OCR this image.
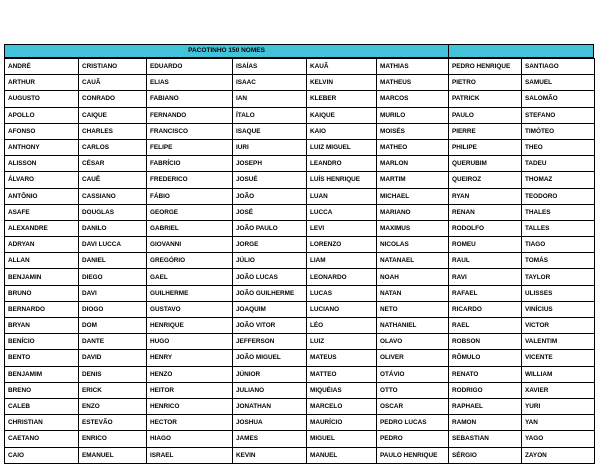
PACOTINHO 150 NOMES
ANDRÉ	CRISTIANO	EDUARDO	ISAÍAS	KAUÃ	MATHIAS	PEDRO HENRIQUE	SANTIAGO
ARTHUR	CAUÃ	ELIAS	ISAAC	KELVIN	MATHEUS	PIETRO	SAMUEL
AUGUSTO	CONRADO	FABIANO	IAN	KLEBER	MARCOS	PATRICK	SALOMÃO
APOLLO	CAIQUE	FERNANDO	ÍTALO	KAIQUE	MURILO	PAULO	STEFANO
AFONSO	CHARLES	FRANCISCO	ISAQUE	KAIO	MOISÉS	PIERRE	TIMÓTEO
ANTHONY	CARLOS	FELIPE	IURI	LUIZ MIGUEL	MATHEO	PHILIPE	THEO
ALISSON	CÉSAR	FABRÍCIO	JOSEPH	LEANDRO	MARLON	QUERUBIM	TADEU
ÁLVARO	CAUÊ	FREDERICO	JOSUÉ	LUÍS HENRIQUE	MARTIM	QUEIROZ	THOMAZ
ANTÔNIO	CASSIANO	FÁBIO	JOÃO	LUAN	MICHAEL	RYAN	TEODORO
ASAFE	DOUGLAS	GEORGE	JOSÉ	LUCCA	MARIANO	RENAN	THALES
ALEXANDRE	DANILO	GABRIEL	JOÃO PAULO	LEVI	MAXIMUS	RODOLFO	TALLES
ADRYAN	DAVI LUCCA	GIOVANNI	JORGE	LORENZO	NICOLAS	ROMEU	TIAGO
ALLAN	DANIEL	GREGÓRIO	JÚLIO	LIAM	NATANAEL	RAUL	TOMÁS
BENJAMIN	DIEGO	GAEL	JOÃO LUCAS	LEONARDO	NOAH	RAVI	TAYLOR
BRUNO	DAVI	GUILHERME	JOÃO GUILHERME	LUCAS	NATAN	RAFAEL	ULISSES
BERNARDO	DIOGO	GUSTAVO	JOAQUIM	LUCIANO	NETO	RICARDO	VINÍCIUS
BRYAN	DOM	HENRIQUE	JOÃO VITOR	LÉO	NATHANIEL	RAEL	VICTOR
BENÍCIO	DANTE	HUGO	JEFFERSON	LUIZ	OLAVO	ROBSON	VALENTIM
BENTO	DAVID	HENRY	JOÃO MIGUEL	MATEUS	OLIVER	RÔMULO	VICENTE
BENJAMIM	DENIS	HENZO	JÚNIOR	MATTEO	OTÁVIO	RENATO	WILLIAM
BRENO	ERICK	HEITOR	JULIANO	MIQUÉIAS	OTTO	RODRIGO	XAVIER
CALEB	ENZO	HENRICO	JONATHAN	MARCELO	OSCAR	RAPHAEL	YURI
CHRISTIAN	ESTEVÃO	HECTOR	JOSHUA	MAURÍCIO	PEDRO LUCAS	RAMON	YAN
CAETANO	ENRICO	HIAGO	JAMES	MIGUEL	PEDRO	SEBASTIAN	YAGO
CAIO	EMANUEL	ISRAEL	KEVIN	MANUEL	PAULO HENRIQUE	SÉRGIO	ZAYON
